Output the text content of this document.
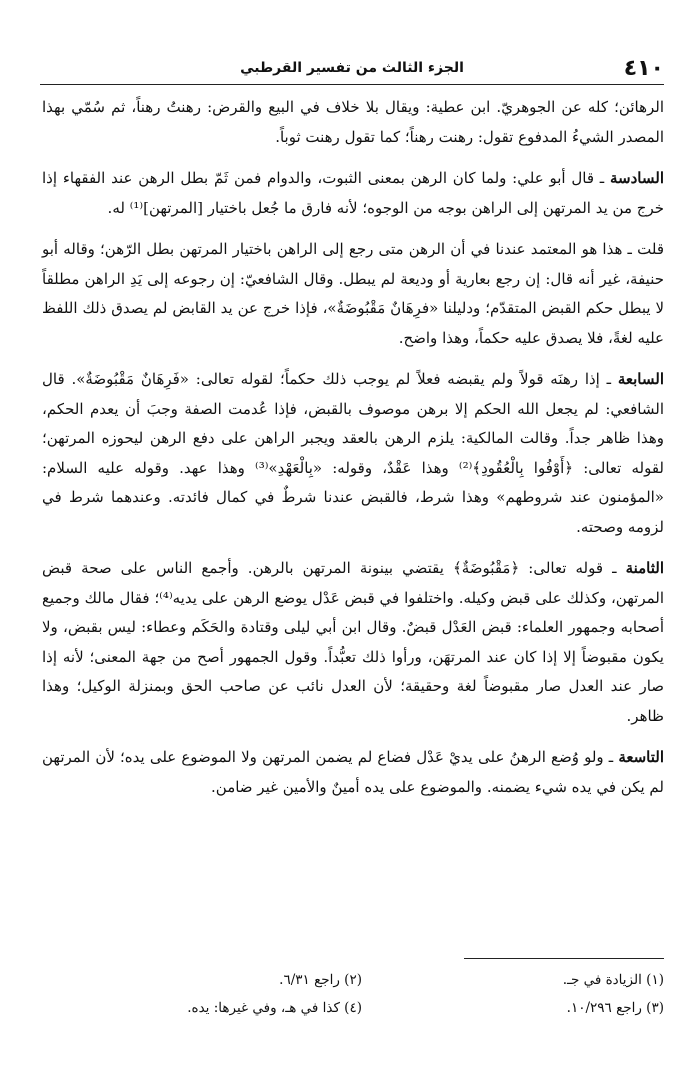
٤١٠
الجزء الثالث من تفسير القرطبي

الرهائن؛ كله عن الجوهريّ. ابن عطية: ويقال بلا خلاف في البيع والقرض: رهنتُ رهناً، ثم سُمّي بهذا المصدر الشيءُ المدفوع تقول: رهنت رهناً؛ كما تقول رهنت ثوباً.

السادسة ـ قال أبو علي: ولما كان الرهن بمعنى الثبوت، والدوام فمن ثَمّ بطل الرهن عند الفقهاء إذا خرج من يد المرتهن إلى الراهن بوجه من الوجوه؛ لأنه فارق ما جُعل باختيار [المرتهن]⁽¹⁾ له.

قلت ـ هذا هو المعتمد عندنا في أن الرهن متى رجع إلى الراهن باختيار المرتهن بطل الرّهن؛ وقاله أبو حنيفة، غير أنه قال: إن رجع بعارية أو وديعة لم يبطل. وقال الشافعيّ: إن رجوعه إلى يَدِ الراهن مطلقاً لا يبطل حكم القبض المتقدّم؛ ودليلنا «فرِهَانٌ مَقْبُوضَةٌ»، فإذا خرج عن يد القابض لم يصدق ذلك اللفظ عليه لغةً، فلا يصدق عليه حكماً، وهذا واضح.

السابعة ـ إذا رهنَه قولاً ولم يقبضه فعلاً لم يوجب ذلك حكماً؛ لقوله تعالى: «فَرِهَانٌ مَقْبُوضَةٌ». قال الشافعي: لم يجعل الله الحكم إلا برهن موصوف بالقبض، فإذا عُدمت الصفة وجبَ أن يعدم الحكم، وهذا ظاهر جداً. وقالت المالكية: يلزم الرهن بالعقد ويجبر الراهن على دفع الرهن ليحوزه المرتهن؛ لقوله تعالى: ﴿أَوْفُوا بِالْعُقُودِ﴾⁽²⁾ وهذا عَقْدٌ، وقوله: «بِالْعَهْدِ»⁽³⁾ وهذا عهد. وقوله عليه السلام: «المؤمنون عند شروطهم» وهذا شرط، فالقبض عندنا شرطٌ في كمال فائدته. وعندهما شرط في لزومه وصحته.

الثامنة ـ قوله تعالى: ﴿مَقْبُوضَةٌ﴾ يقتضي بينونة المرتهن بالرهن. وأجمع الناس على صحة قبض المرتهن، وكذلك على قبض وكيله. واختلفوا في قبض عَدْل يوضع الرهن على يديه⁽⁴⁾؛ فقال مالك وجميع أصحابه وجمهور العلماء: قبض العَدْل قبضٌ. وقال ابن أبي ليلى وقتادة والحَكَم وعطاء: ليس بقبض، ولا يكون مقبوضاً إلا إذا كان عند المرتهَن، ورأوا ذلك تعبُّداً. وقول الجمهور أصح من جهة المعنى؛ لأنه إذا صار عند العدل صار مقبوضاً لغة وحقيقة؛ لأن العدل نائب عن صاحب الحق وبمنزلة الوكيل؛ وهذا ظاهر.

التاسعة ـ ولو وُضع الرهنُ على يديْ عَدْل فضاع لم يضمن المرتهن ولا الموضوع على يده؛ لأن المرتهن لم يكن في يده شيء يضمنه. والموضوع على يده أمينٌ والأمين غير ضامن.

(١) الزيادة في جـ.
(٢) راجع ٦/٣١.
(٣) راجع ١٠/٢٩٦.
(٤) كذا في هـ، وفي غيرها: يده.
